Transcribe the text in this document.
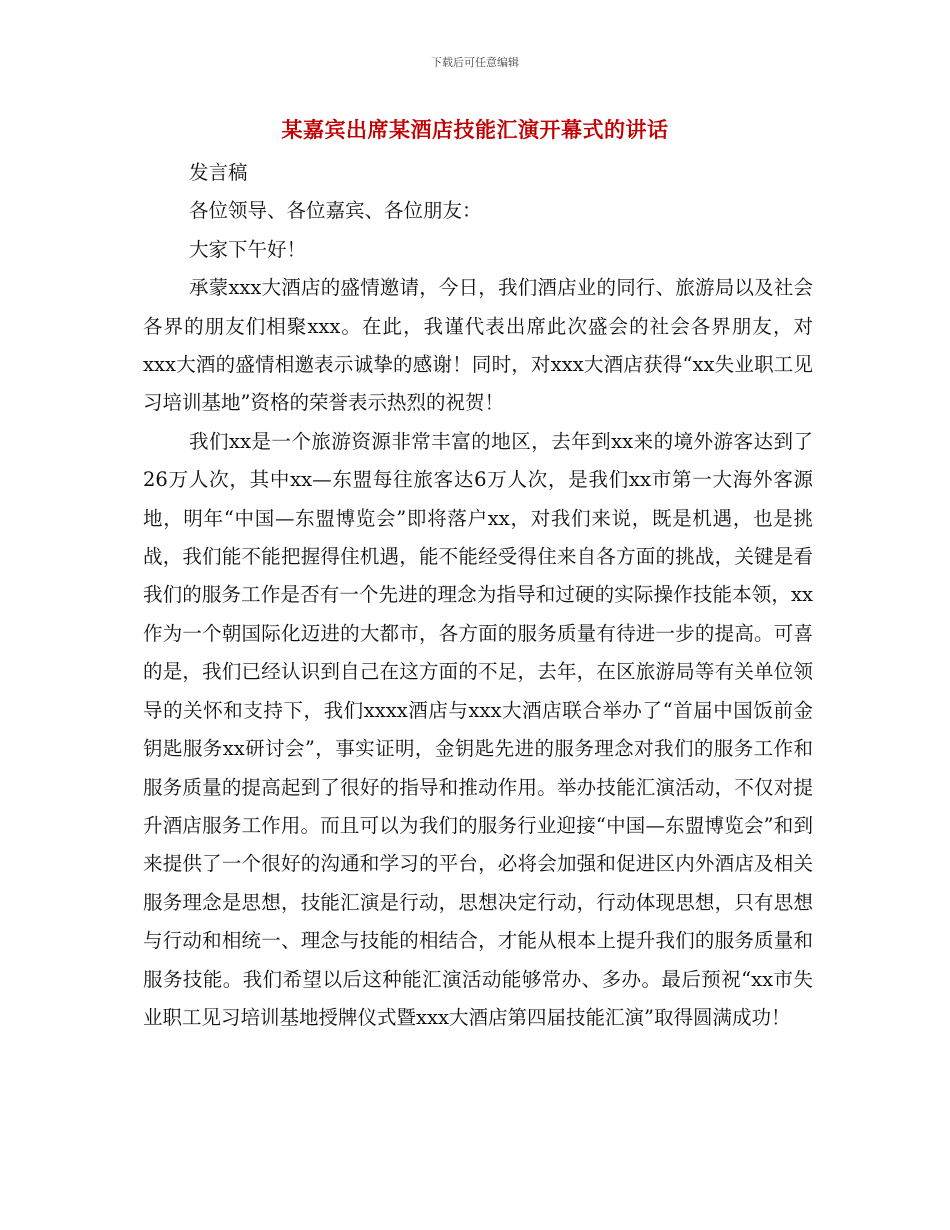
下载后可任意编辑
某嘉宾出席某酒店技能汇演开幕式的讲话

发言稿

各位领导、各位嘉宾、各位朋友：

大家下午好！

承蒙xxx大酒店的盛情邀请，今日，我们酒店业的同行、旅游局以及社会各界的朋友们相聚xxx。在此，我谨代表出席此次盛会的社会各界朋友，对xxx大酒的盛情相邀表示诚挚的感谢！同时，对xxx大酒店获得“xx失业职工见习培训基地”资格的荣誉表示热烈的祝贺！

我们xx是一个旅游资源非常丰富的地区，去年到xx来的境外游客达到了26万人次，其中xx—东盟每往旅客达6万人次，是我们xx市第一大海外客源地，明年“中国—东盟博览会”即将落户xx，对我们来说，既是机遇，也是挑战，我们能不能把握得住机遇，能不能经受得住来自各方面的挑战，关键是看我们的服务工作是否有一个先进的理念为指导和过硬的实际操作技能本领，xx作为一个朝国际化迈进的大都市，各方面的服务质量有待进一步的提高。可喜的是，我们已经认识到自己在这方面的不足，去年，在区旅游局等有关单位领导的关怀和支持下，我们xxxx酒店与xxx大酒店联合举办了“首届中国饭前金钥匙服务xx研讨会”，事实证明，金钥匙先进的服务理念对我们的服务工作和服务质量的提高起到了很好的指导和推动作用。举办技能汇演活动，不仅对提升酒店服务工作用。而且可以为我们的服务行业迎接“中国—东盟博览会”和到来提供了一个很好的沟通和学习的平台，必将会加强和促进区内外酒店及相关服务理念是思想，技能汇演是行动，思想决定行动，行动体现思想，只有思想与行动和相统一、理念与技能的相结合，才能从根本上提升我们的服务质量和服务技能。我们希望以后这种能汇演活动能够常办、多办。最后预祝“xx市失业职工见习培训基地授牌仪式暨xxx大酒店第四届技能汇演”取得圆满成功！
